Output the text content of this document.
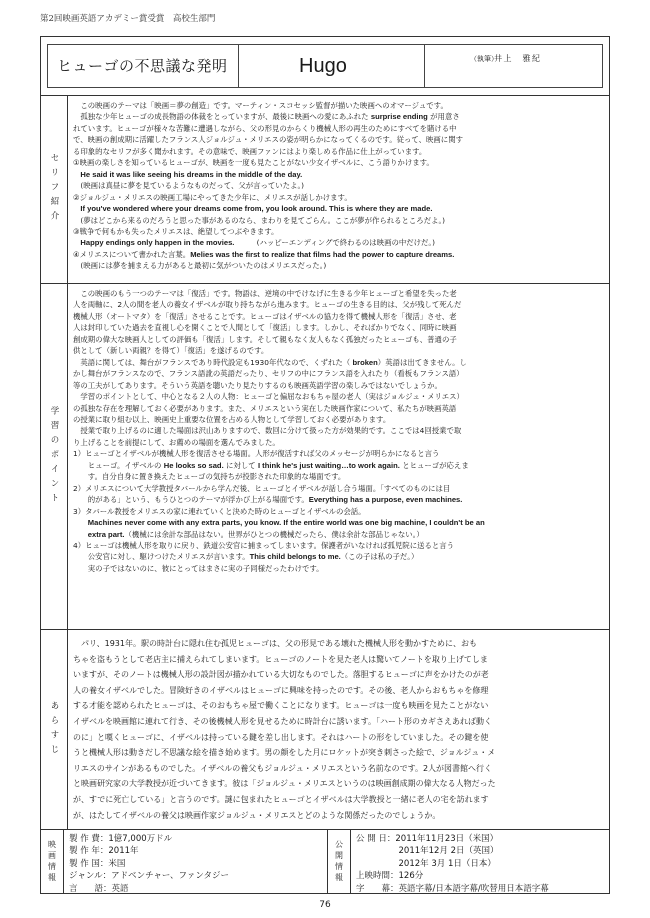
第2回映画英語アカデミー賞受賞　高校生部門
ヒューゴの不思議な発明	Hugo	（執筆）
井上　雅紀
セリフ紹介

　この映画のテーマは「映画＝夢の創造」です。マーティン・スコセッシ監督が描いた映画へのオマージュです。

　孤独な少年ヒューゴの成長物語の体裁をとっていますが、最後に映画への愛にあふれた surprise ending が用意さ

れています。ヒューゴが様々な苦難に遭遇しながら、父の形見のからくり機械人形の再生のためにすべてを賭ける中

で、映画の創成期に活躍したフランス人ジョルジュ・メリエスの姿が明らかになってくるのです。従って、映画に関す

る印象的なセリフが多く聞かれます。その意味で、映画ファンにはより楽しめる作品に仕上がっています。

①映画の楽しさを知っているヒューゴが、映画を一度も見たことがない少女イザベルに、こう語りかけます。

　He said it was like seeing his dreams in the middle of the day.

　(映画は真昼に夢を見ているようなものだって、父が言っていたよ。)

②ジョルジュ・メリエスの映画工場にやってきた少年に、メリエスが話しかけます。

　If you've wondered where your dreams come from, you look around. This is where they are made.

　(夢はどこから来るのだろうと思った事があるのなら、まわりを見てごらん。ここが夢が作られるところだよ。)

③戦争で何もかも失ったメリエスは、絶望してつぶやきます。

　Happy endings only happen in the movies.　　　(ハッピーエンディングで終わるのは映画の中だけだ。)

④メリエスについて書かれた言葉。Melies was the first to realize that films had the power to capture dreams.

　(映画には夢を捕まえる力があると最初に気がついたのはメリエスだった。)

学習のポイント

　この映画のもう一つのテーマは「復活」です。物語は、逆境の中でけなげに生きる少年ヒューゴと希望を失った老

人を両軸に、2人の間を老人の養女イザベルが取り持ちながら進みます。ヒューゴの生きる目的は、父が残して死んだ

機械人形（オートマタ）を「復活」させることです。ヒューゴはイザベルの協力を得て機械人形を「復活」させ、老

人は封印していた過去を直視し心を開くことで人間として「復活」します。しかし、そればかりでなく、同時に映画

創成期の偉大な映画人としての評価も「復活」します。そして親もなく友人もなく孤独だったヒューゴも、普通の子

供として（新しい両親？を得て）「復活」を遂げるのです。

　英語に関しては、舞台がフランスであり時代設定も1930年代なので、くずれた（ broken）英語は出てきません。し

かし舞台がフランスなので、フランス語訛の英語だったり、セリフの中にフランス語を入れたり（看板もフランス語）

等の工夫がしてあります。そういう英語を聴いたり見たりするのも映画英語学習の楽しみではないでしょうか。

　学習のポイントとして、中心となる２人の人物：ヒューゴと偏屈なおもちゃ屋の老人（実はジョルジュ・メリエス）

の孤独な存在を理解しておく必要があります。また、メリエスという実在した映画作家について、私たちが映画英語

の授業に取り組む以上、映画史上重要な位置を占める人物として学習しておく必要があります。

　授業で取り上げるのに適した場面は沢山ありますので、数回に分けて扱った方が効果的です。ここでは4回授業で取

り上げることを前提にして、お薦めの場面を選んでみました。

1）ヒューゴとイザベルが機械人形を復活させる場面。人形が復活すれば父のメッセージが明らかになると言う

　　ヒューゴ。イザベルの He looks so sad. に対して I think he's just waiting…to work again. とヒューゴが応えま

　　す。自分自身に置き換えたヒューゴの気持ちが投影された印象的な場面です。

2）メリエスについて大学教授タバールから学んだ後、ヒューゴとイザベルが話し合う場面。「すべてのものには目

　　的がある」という、もうひとつのテーマが浮かび上がる場面です。Everything has a purpose, even machines.

3）タバール教授をメリエスの家に連れていくと決めた時のヒューゴとイザベルの会話。

　　Machines never come with any extra parts, you know. If the entire world was one big machine, I couldn't be an

　　extra part.（機械には余計な部品はない。世界がひとつの機械だったら、僕は余計な部品じゃない。）

4）ヒューゴは機械人形を取りに戻り、鉄道公安官に捕まってしまいます。保護者がいなければ孤児院に送ると言う

　　公安官に対し、駆けつけたメリエスが言います。This child belongs to me.（この子は私の子だ。）

　　実の子ではないのに、彼にとってはまさに実の子同様だったわけです。

あらすじ

　パリ、1931年。駅の時計台に隠れ住む孤児ヒューゴは、父の形見である壊れた機械人形を動かすために、おも

ちゃを盗もうとして老店主に捕えられてしまいます。ヒューゴのノートを見た老人は驚いてノートを取り上げてしま

いますが、そのノートは機械人形の設計図が描かれている大切なものでした。落胆するヒューゴに声をかけたのが老

人の養女イザベルでした。冒険好きのイザベルはヒューゴに興味を持ったのです。その後、老人からおもちゃを修理

する才能を認められたヒューゴは、そのおもちゃ屋で働くことになります。ヒューゴは一度も映画を見たことがない

イザベルを映画館に連れて行き、その後機械人形を見せるために時計台に誘います。「ハート形のカギさえあれば動く

のに」と嘆くヒューゴに、イザベルは持っている鍵を差し出します。それはハートの形をしていました。その鍵を使

うと機械人形は動きだし不思議な絵を描き始めます。男の顔をした月にロケットが突き刺さった絵で、ジョルジュ・メ

リエスのサインがあるものでした。イザベルの養父もジョルジュ・メリエスという名前なのです。2人が図書館へ行く

と映画研究家の大学教授が近づいてきます。彼は「ジョルジュ・メリエスというのは映画創成期の偉大なる人物だった

が、すでに死亡している」と言うのです。謎に包まれたヒューゴとイザベルは大学教授と一緒に老人の宅を訪れます

が、はたしてイザベルの養父は映画作家ジョルジュ・メリエスとどのような関係だったのでしょうか。

映画情報
製 作 費：1億7,000万ドル
製 作 年：2011年
製 作 国：米国
ジャンル：アドベンチャー、ファンタジー
言　　語：英語
公開情報
公 開 日：2011年11月23日（米国）
　　　　　2011年12月 2日（英国）
　　　　　2012年 3月 1日（日本）
上映時間：126分
字　　幕：英語字幕/日本語字幕/吹替用日本語字幕
76
